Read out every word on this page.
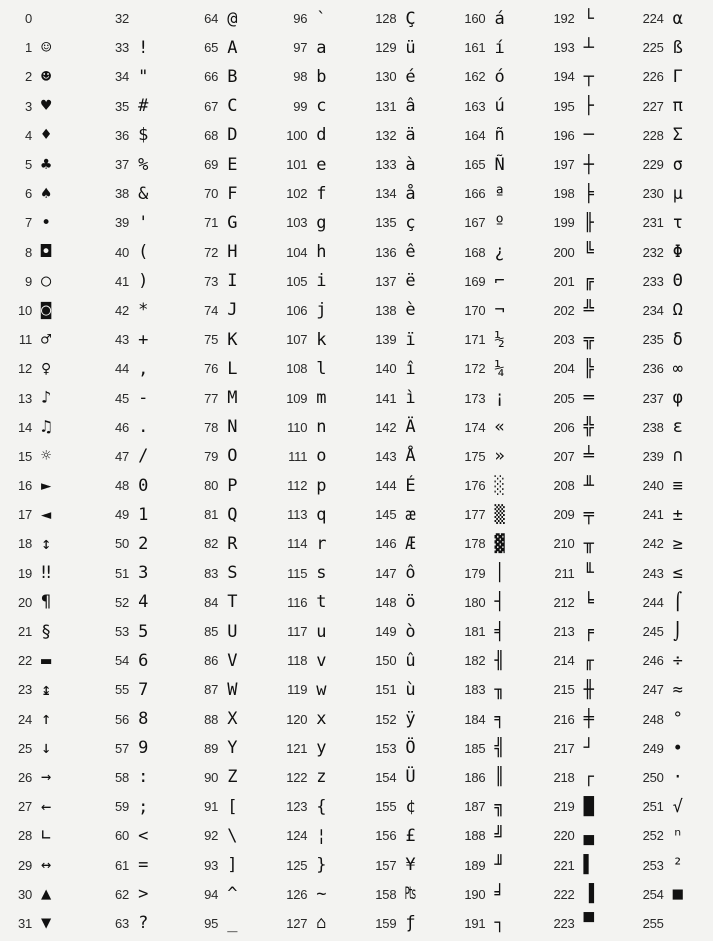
0
1 ☺
2 ☻
3 ♥
4 ♦
5 ♣
6 ♠
7 •
8 ◘
9 ○
10 ◙
11 ♂
12 ♀
13 ♪
14 ♫
15 ☼
16 ►
17 ◄
18 ↕
19 ‼
20 ¶
21 §
22 ▬
23 ↨
24 ↑
25 ↓
26 →
27 ←
28 ∟
29 ↔
30 ▲
31 ▼
32
33 !
34 "
35 #
36 $
37 %
38 &
39 '
40 (
41 )
42 *
43 +
44 ,
45 -
46 .
47 /
48 0
49 1
50 2
51 3
52 4
53 5
54 6
55 7
56 8
57 9
58 :
59 ;
60 <
61 =
62 >
63 ?
64 @
65 A
66 B
67 C
68 D
69 E
70 F
71 G
72 H
73 I
74 J
75 K
76 L
77 M
78 N
79 O
80 P
81 Q
82 R
83 S
84 T
85 U
86 V
87 W
88 X
89 Y
90 Z
91 [
92 \
93 ]
94 ^
95 _
96 `
97 a
98 b
99 c
100 d
101 e
102 f
103 g
104 h
105 i
106 j
107 k
108 l
109 m
110 n
111 o
112 p
113 q
114 r
115 s
116 t
117 u
118 v
119 w
120 x
121 y
122 z
123 {
124 ¦
125 }
126 ~
127 ⌂
128 Ç
129 ü
130 é
131 â
132 ä
133 à
134 å
135 ç
136 ê
137 ë
138 è
139 ï
140 î
141 ì
142 Ä
143 Å
144 É
145 æ
146 Æ
147 ô
148 ö
149 ò
150 û
151 ù
152 ÿ
153 Ö
154 Ü
155 ¢
156 £
157 ¥
158 ₧
159 ƒ
160 á
161 í
162 ó
163 ú
164 ñ
165 Ñ
166 ª
167 º
168 ¿
169 ⌐
170 ¬
171 ½
172 ¼
173 ¡
174 «
175 »
176 ░
177 ▒
178 ▓
179 │
180 ┤
181 ╡
182 ╢
183 ╖
184 ╕
185 ╣
186 ║
187 ╗
188 ╝
189 ╜
190 ╛
191 ┐
192 └
193 ┴
194 ┬
195 ├
196 ─
197 ┼
198 ╞
199 ╟
200 ╚
201 ╔
202 ╩
203 ╦
204 ╠
205 ═
206 ╬
207 ╧
208 ╨
209 ╤
210 ╥
211 ╙
212 ╘
213 ╒
214 ╓
215 ╫
216 ╪
217 ┘
218 ┌
219 █
220 ▄
221 ▌
222 ▐
223 ▀
224 α
225 ß
226 Γ
227 π
228 Σ
229 σ
230 µ
231 τ
232 Φ
233 Θ
234 Ω
235 δ
236 ∞
237 φ
238 ε
239 ∩
240 ≡
241 ±
242 ≥
243 ≤
244 ⌠
245 ⌡
246 ÷
247 ≈
248 °
249 ∙
250 ·
251 √
252 ⁿ
253 ²
254 ■
255
